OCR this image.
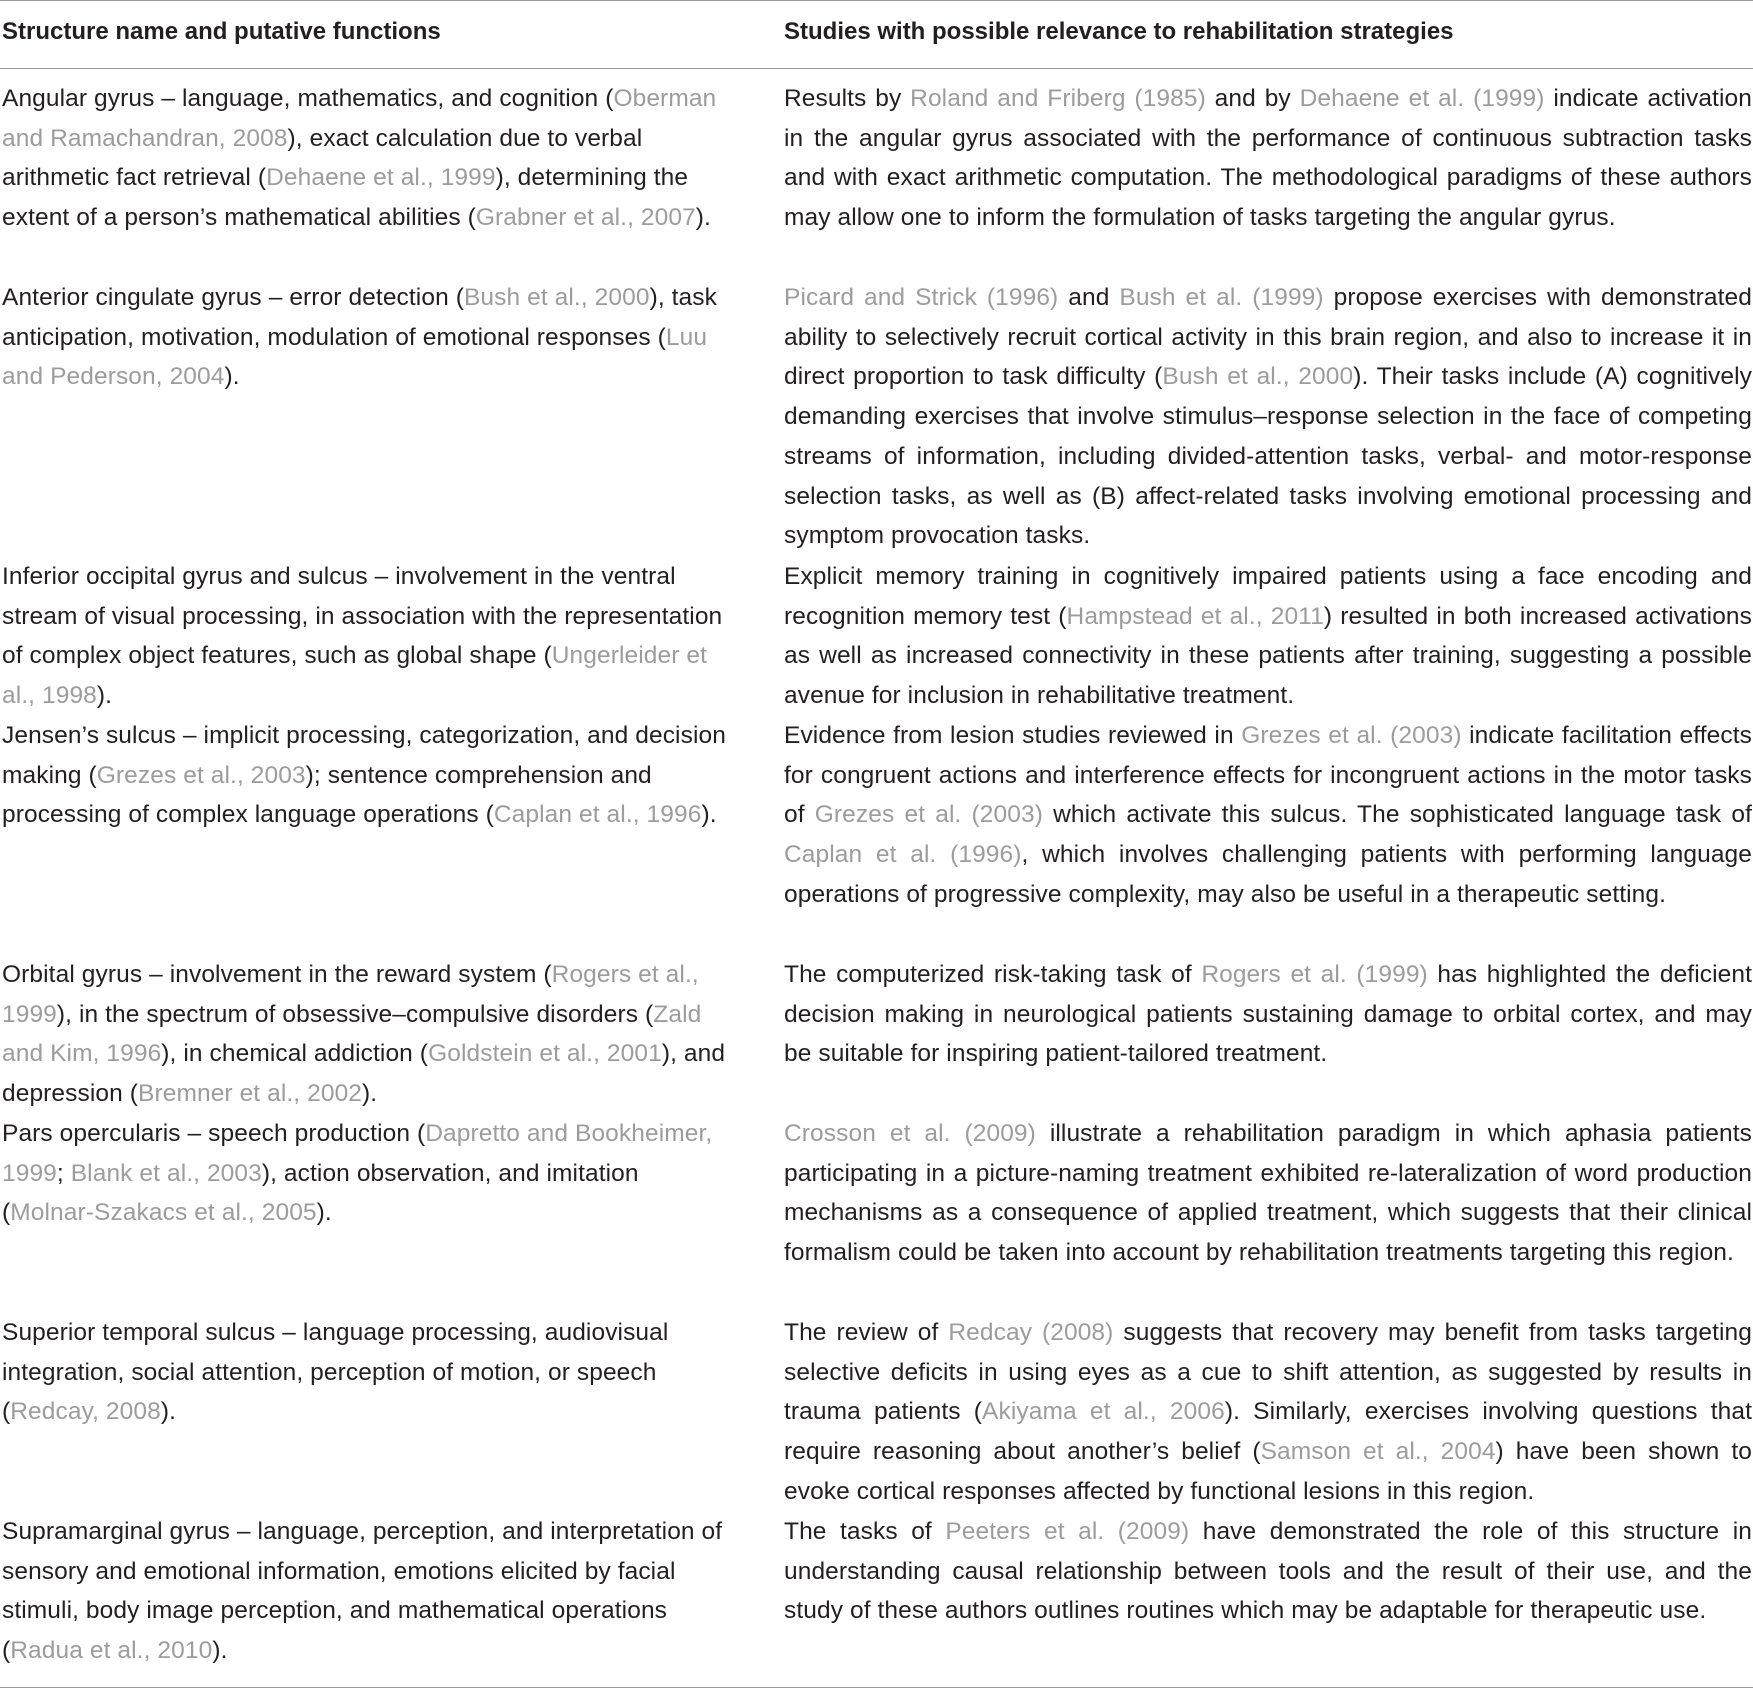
Structure name and putative functions	Studies with possible relevance to rehabilitation strategies
Angular gyrus – language, mathematics, and cognition (Oberman and Ramachandran, 2008), exact calculation due to verbal arithmetic fact retrieval (Dehaene et al., 1999), determining the extent of a person’s mathematical abilities (Grabner et al., 2007).
Results by Roland and Friberg (1985) and by Dehaene et al. (1999) indicate activation in the angular gyrus associated with the performance of continuous subtraction tasks and with exact arithmetic computation. The methodological paradigms of these authors may allow one to inform the formulation of tasks targeting the angular gyrus.
Anterior cingulate gyrus – error detection (Bush et al., 2000), task anticipation, motivation, modulation of emotional responses (Luu and Pederson, 2004).
Picard and Strick (1996) and Bush et al. (1999) propose exercises with demonstrated ability to selectively recruit cortical activity in this brain region, and also to increase it in direct proportion to task difficulty (Bush et al., 2000). Their tasks include (A) cognitively demanding exercises that involve stimulus–response selection in the face of competing streams of information, including divided-attention tasks, verbal- and motor-response selection tasks, as well as (B) affect-related tasks involving emotional processing and symptom provocation tasks.
Inferior occipital gyrus and sulcus – involvement in the ventral stream of visual processing, in association with the representation of complex object features, such as global shape (Ungerleider et al., 1998).
Explicit memory training in cognitively impaired patients using a face encoding and recognition memory test (Hampstead et al., 2011) resulted in both increased activations as well as increased connectivity in these patients after training, suggesting a possible avenue for inclusion in rehabilitative treatment.
Jensen’s sulcus – implicit processing, categorization, and decision making (Grezes et al., 2003); sentence comprehension and processing of complex language operations (Caplan et al., 1996).
Evidence from lesion studies reviewed in Grezes et al. (2003) indicate facilitation effects for congruent actions and interference effects for incongruent actions in the motor tasks of Grezes et al. (2003) which activate this sulcus. The sophisticated language task of Caplan et al. (1996), which involves challenging patients with performing language operations of progressive complexity, may also be useful in a therapeutic setting.
Orbital gyrus – involvement in the reward system (Rogers et al., 1999), in the spectrum of obsessive–compulsive disorders (Zald and Kim, 1996), in chemical addiction (Goldstein et al., 2001), and depression (Bremner et al., 2002).
The computerized risk-taking task of Rogers et al. (1999) has highlighted the deficient decision making in neurological patients sustaining damage to orbital cortex, and may be suitable for inspiring patient-tailored treatment.
Pars opercularis – speech production (Dapretto and Bookheimer, 1999; Blank et al., 2003), action observation, and imitation (Molnar-Szakacs et al., 2005).
Crosson et al. (2009) illustrate a rehabilitation paradigm in which aphasia patients participating in a picture-naming treatment exhibited re-lateralization of word production mechanisms as a consequence of applied treatment, which suggests that their clinical formalism could be taken into account by rehabilitation treatments targeting this region.
Superior temporal sulcus – language processing, audiovisual integration, social attention, perception of motion, or speech (Redcay, 2008).
The review of Redcay (2008) suggests that recovery may benefit from tasks targeting selective deficits in using eyes as a cue to shift attention, as suggested by results in trauma patients (Akiyama et al., 2006). Similarly, exercises involving questions that require reasoning about another’s belief (Samson et al., 2004) have been shown to evoke cortical responses affected by functional lesions in this region.
Supramarginal gyrus – language, perception, and interpretation of sensory and emotional information, emotions elicited by facial stimuli, body image perception, and mathematical operations (Radua et al., 2010).
The tasks of Peeters et al. (2009) have demonstrated the role of this structure in understanding causal relationship between tools and the result of their use, and the study of these authors outlines routines which may be adaptable for therapeutic use.
